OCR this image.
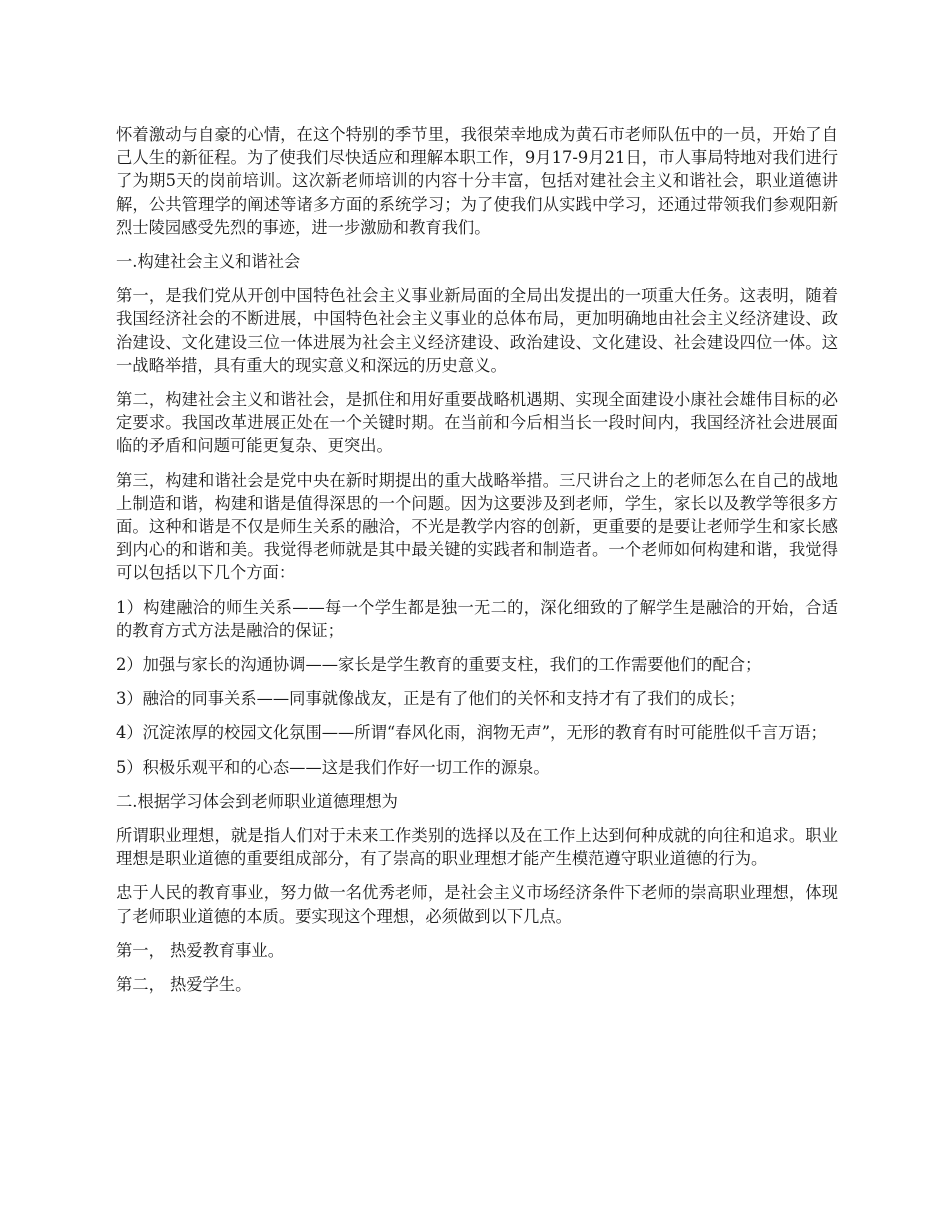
怀着激动与自豪的心情，在这个特别的季节里，我很荣幸地成为黄石市老师队伍中的一员，开始了自己人生的新征程。为了使我们尽快适应和理解本职工作，9月17-9月21日，市人事局特地对我们进行了为期5天的岗前培训。这次新老师培训的内容十分丰富，包括对建社会主义和谐社会，职业道德讲解，公共管理学的阐述等诸多方面的系统学习；为了使我们从实践中学习，还通过带领我们参观阳新烈士陵园感受先烈的事迹，进一步激励和教育我们。

一.构建社会主义和谐社会

第一，是我们党从开创中国特色社会主义事业新局面的全局出发提出的一项重大任务。这表明，随着我国经济社会的不断进展，中国特色社会主义事业的总体布局，更加明确地由社会主义经济建设、政治建设、文化建设三位一体进展为社会主义经济建设、政治建设、文化建设、社会建设四位一体。这一战略举措，具有重大的现实意义和深远的历史意义。

第二，构建社会主义和谐社会，是抓住和用好重要战略机遇期、实现全面建设小康社会雄伟目标的必定要求。我国改革进展正处在一个关键时期。在当前和今后相当长一段时间内，我国经济社会进展面临的矛盾和问题可能更复杂、更突出。

第三，构建和谐社会是党中央在新时期提出的重大战略举措。三尺讲台之上的老师怎么在自己的战地上制造和谐，构建和谐是值得深思的一个问题。因为这要涉及到老师，学生，家长以及教学等很多方面。这种和谐是不仅是师生关系的融洽，不光是教学内容的创新，更重要的是要让老师学生和家长感到内心的和谐和美。我觉得老师就是其中最关键的实践者和制造者。一个老师如何构建和谐，我觉得可以包括以下几个方面：

1）构建融洽的师生关系——每一个学生都是独一无二的，深化细致的了解学生是融洽的开始，合适的教育方式方法是融洽的保证；

2）加强与家长的沟通协调——家长是学生教育的重要支柱，我们的工作需要他们的配合；

3）融洽的同事关系——同事就像战友，正是有了他们的关怀和支持才有了我们的成长；

4）沉淀浓厚的校园文化氛围——所谓“春风化雨，润物无声”，无形的教育有时可能胜似千言万语；

5）积极乐观平和的心态——这是我们作好一切工作的源泉。

二.根据学习体会到老师职业道德理想为

所谓职业理想，就是指人们对于未来工作类别的选择以及在工作上达到何种成就的向往和追求。职业理想是职业道德的重要组成部分，有了崇高的职业理想才能产生模范遵守职业道德的行为。

忠于人民的教育事业，努力做一名优秀老师，是社会主义市场经济条件下老师的崇高职业理想，体现了老师职业道德的本质。要实现这个理想，必须做到以下几点。

第一， 热爱教育事业。

第二， 热爱学生。
